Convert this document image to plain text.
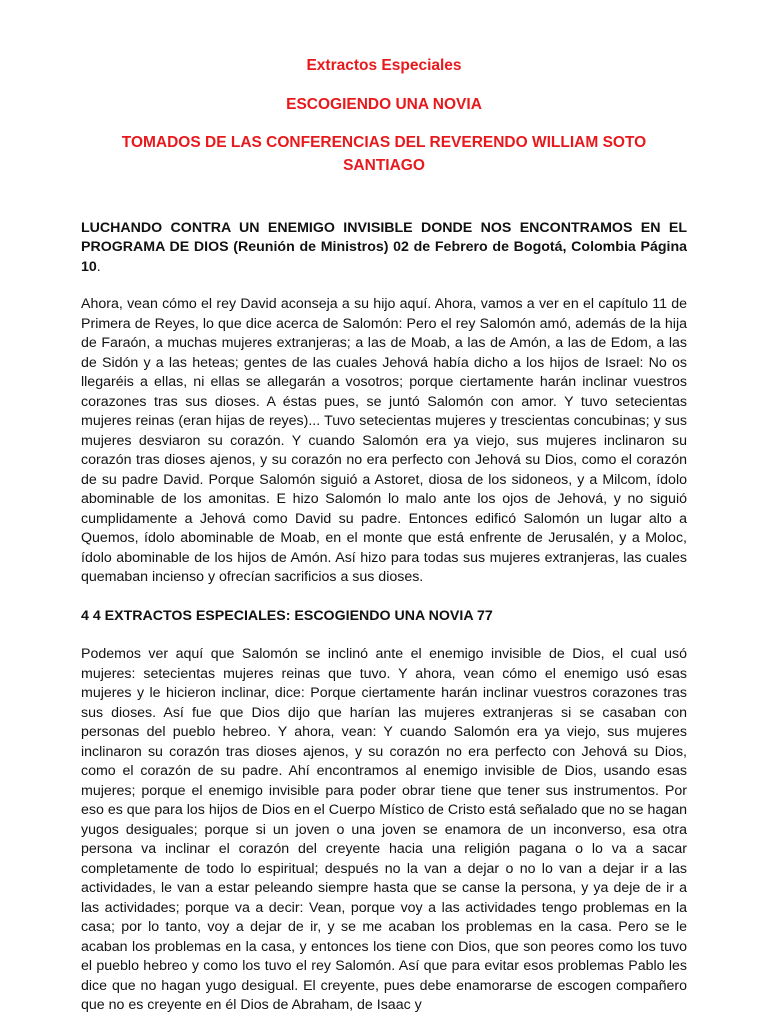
Extractos Especiales

ESCOGIENDO UNA NOVIA

TOMADOS DE LAS CONFERENCIAS DEL REVERENDO WILLIAM SOTO SANTIAGO

LUCHANDO CONTRA UN ENEMIGO INVISIBLE DONDE NOS ENCONTRAMOS EN EL PROGRAMA DE DIOS (Reunión de Ministros) 02 de Febrero de Bogotá, Colombia Página 10.

Ahora, vean cómo el rey David aconseja a su hijo aquí. Ahora, vamos a ver en el capítulo 11 de Primera de Reyes, lo que dice acerca de Salomón: Pero el rey Salomón amó, además de la hija de Faraón, a muchas mujeres extranjeras; a las de Moab, a las de Amón, a las de Edom, a las de Sidón y a las heteas; gentes de las cuales Jehová había dicho a los hijos de Israel: No os llegaréis a ellas, ni ellas se allegarán a vosotros; porque ciertamente harán inclinar vuestros corazones tras sus dioses. A éstas pues, se juntó Salomón con amor. Y tuvo setecientas mujeres reinas (eran hijas de reyes)... Tuvo setecientas mujeres y trescientas concubinas; y sus mujeres desviaron su corazón. Y cuando Salomón era ya viejo, sus mujeres inclinaron su corazón tras dioses ajenos, y su corazón no era perfecto con Jehová su Dios, como el corazón de su padre David. Porque Salomón siguió a Astoret, diosa de los sidoneos, y a Milcom, ídolo abominable de los amonitas. E hizo Salomón lo malo ante los ojos de Jehová, y no siguió cumplidamente a Jehová como David su padre. Entonces edificó Salomón un lugar alto a Quemos, ídolo abominable de Moab, en el monte que está enfrente de Jerusalén, y a Moloc, ídolo abominable de los hijos de Amón. Así hizo para todas sus mujeres extranjeras, las cuales quemaban incienso y ofrecían sacrificios a sus dioses.

4 4 EXTRACTOS ESPECIALES: ESCOGIENDO UNA NOVIA 77

Podemos ver aquí que Salomón se inclinó ante el enemigo invisible de Dios, el cual usó mujeres: setecientas mujeres reinas que tuvo. Y ahora, vean cómo el enemigo usó esas mujeres y le hicieron inclinar, dice: Porque ciertamente harán inclinar vuestros corazones tras sus dioses. Así fue que Dios dijo que harían las mujeres extranjeras si se casaban con personas del pueblo hebreo. Y ahora, vean: Y cuando Salomón era ya viejo, sus mujeres inclinaron su corazón tras dioses ajenos, y su corazón no era perfecto con Jehová su Dios, como el corazón de su padre. Ahí encontramos al enemigo invisible de Dios, usando esas mujeres; porque el enemigo invisible para poder obrar tiene que tener sus instrumentos. Por eso es que para los hijos de Dios en el Cuerpo Místico de Cristo está señalado que no se hagan yugos desiguales; porque si un joven o una joven se enamora de un inconverso, esa otra persona va inclinar el corazón del creyente hacia una religión pagana o lo va a sacar completamente de todo lo espiritual; después no la van a dejar o no lo van a dejar ir a las actividades, le van a estar peleando siempre hasta que se canse la persona, y ya deje de ir a las actividades; porque va a decir: Vean, porque voy a las actividades tengo problemas en la casa; por lo tanto, voy a dejar de ir, y se me acaban los problemas en la casa. Pero se le acaban los problemas en la casa, y entonces los tiene con Dios, que son peores como los tuvo el pueblo hebreo y como los tuvo el rey Salomón. Así que para evitar esos problemas Pablo les dice que no hagan yugo desigual. El creyente, pues debe enamorarse de escogen compañero que no es creyente en él Dios de Abraham, de Isaac y
